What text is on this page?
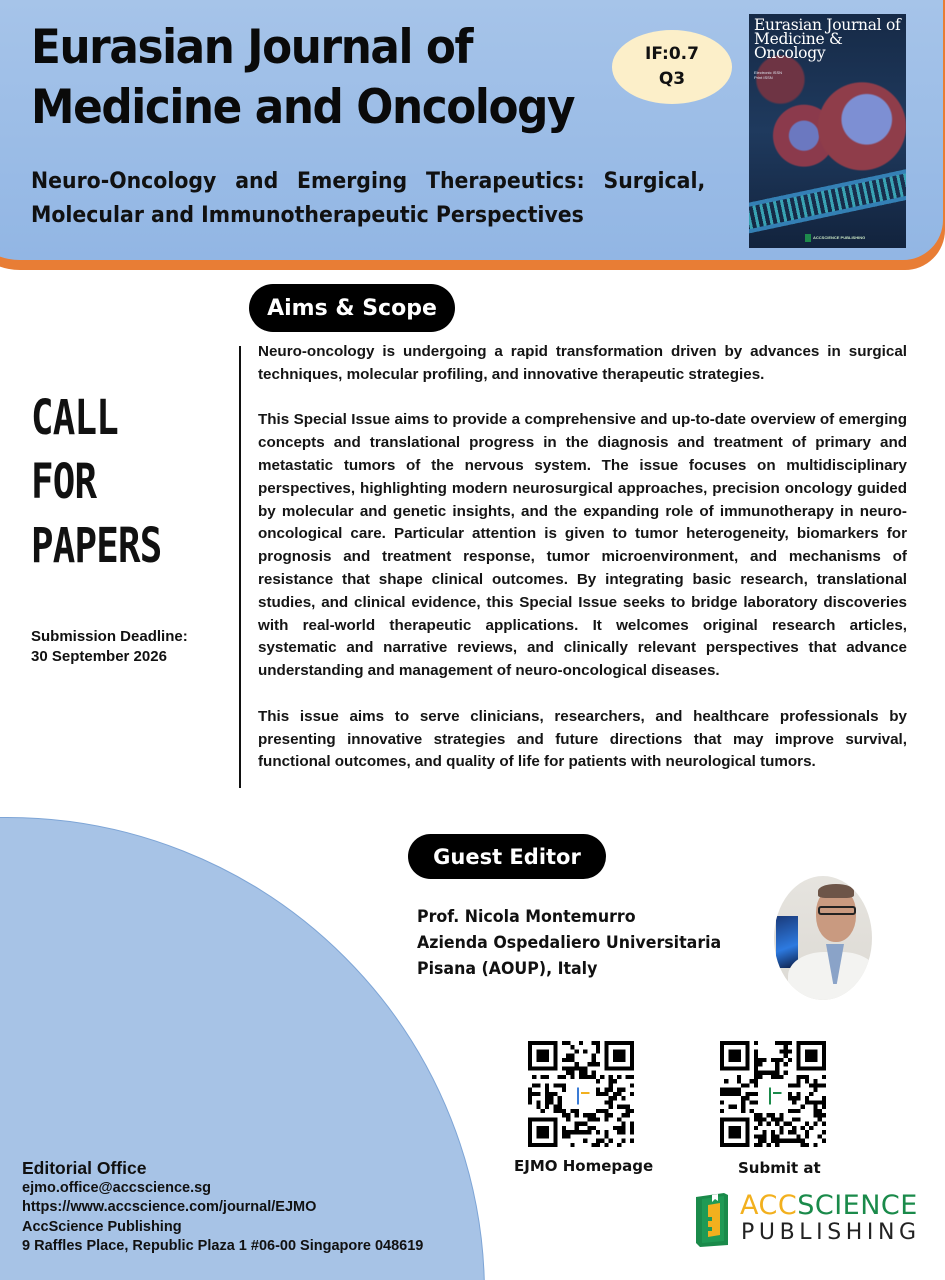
Eurasian Journal of
Medicine and Oncology
Neuro-Oncology and Emerging Therapeutics: Surgical, Molecular and Immunotherapeutic Perspectives
IF:0.7
Q3
Eurasian Journal of Medicine & Oncology
Electronic ISSN
Print ISSN
ACCSCIENCE PUBLISHING
Aims & Scope
CALL
FOR
PAPERS
Submission Deadline:
30 September 2026

Neuro-oncology is undergoing a rapid transformation driven by advances in surgical techniques, molecular profiling, and innovative therapeutic strategies.

This Special Issue aims to provide a comprehensive and up-to-date overview of emerging concepts and translational progress in the diagnosis and treatment of primary and metastatic tumors of the nervous system. The issue focuses on multidisciplinary perspectives, highlighting modern neurosurgical approaches, precision oncology guided by molecular and genetic insights, and the expanding role of immunotherapy in neuro-oncological care. Particular attention is given to tumor heterogeneity, biomarkers for prognosis and treatment response, tumor microenvironment, and mechanisms of resistance that shape clinical outcomes. By integrating basic research, translational studies, and clinical evidence, this Special Issue seeks to bridge laboratory discoveries with real-world therapeutic applications. It welcomes original research articles, systematic and narrative reviews, and clinically relevant perspectives that advance understanding and management of neuro-oncological diseases.

This issue aims to serve clinicians, researchers, and healthcare professionals by presenting innovative strategies and future directions that may improve survival, functional outcomes, and quality of life for patients with neurological tumors.

Guest Editor
Prof. Nicola Montemurro
Azienda Ospedaliero Universitaria
Pisana (AOUP), Italy
EJMO Homepage	Submit at
ACCSCIENCE
PUBLISHING
Editorial Office
ejmo.office@accscience.sg
https://www.accscience.com/journal/EJMO
AccScience Publishing
9 Raffles Place, Republic Plaza 1 #06-00 Singapore 048619
